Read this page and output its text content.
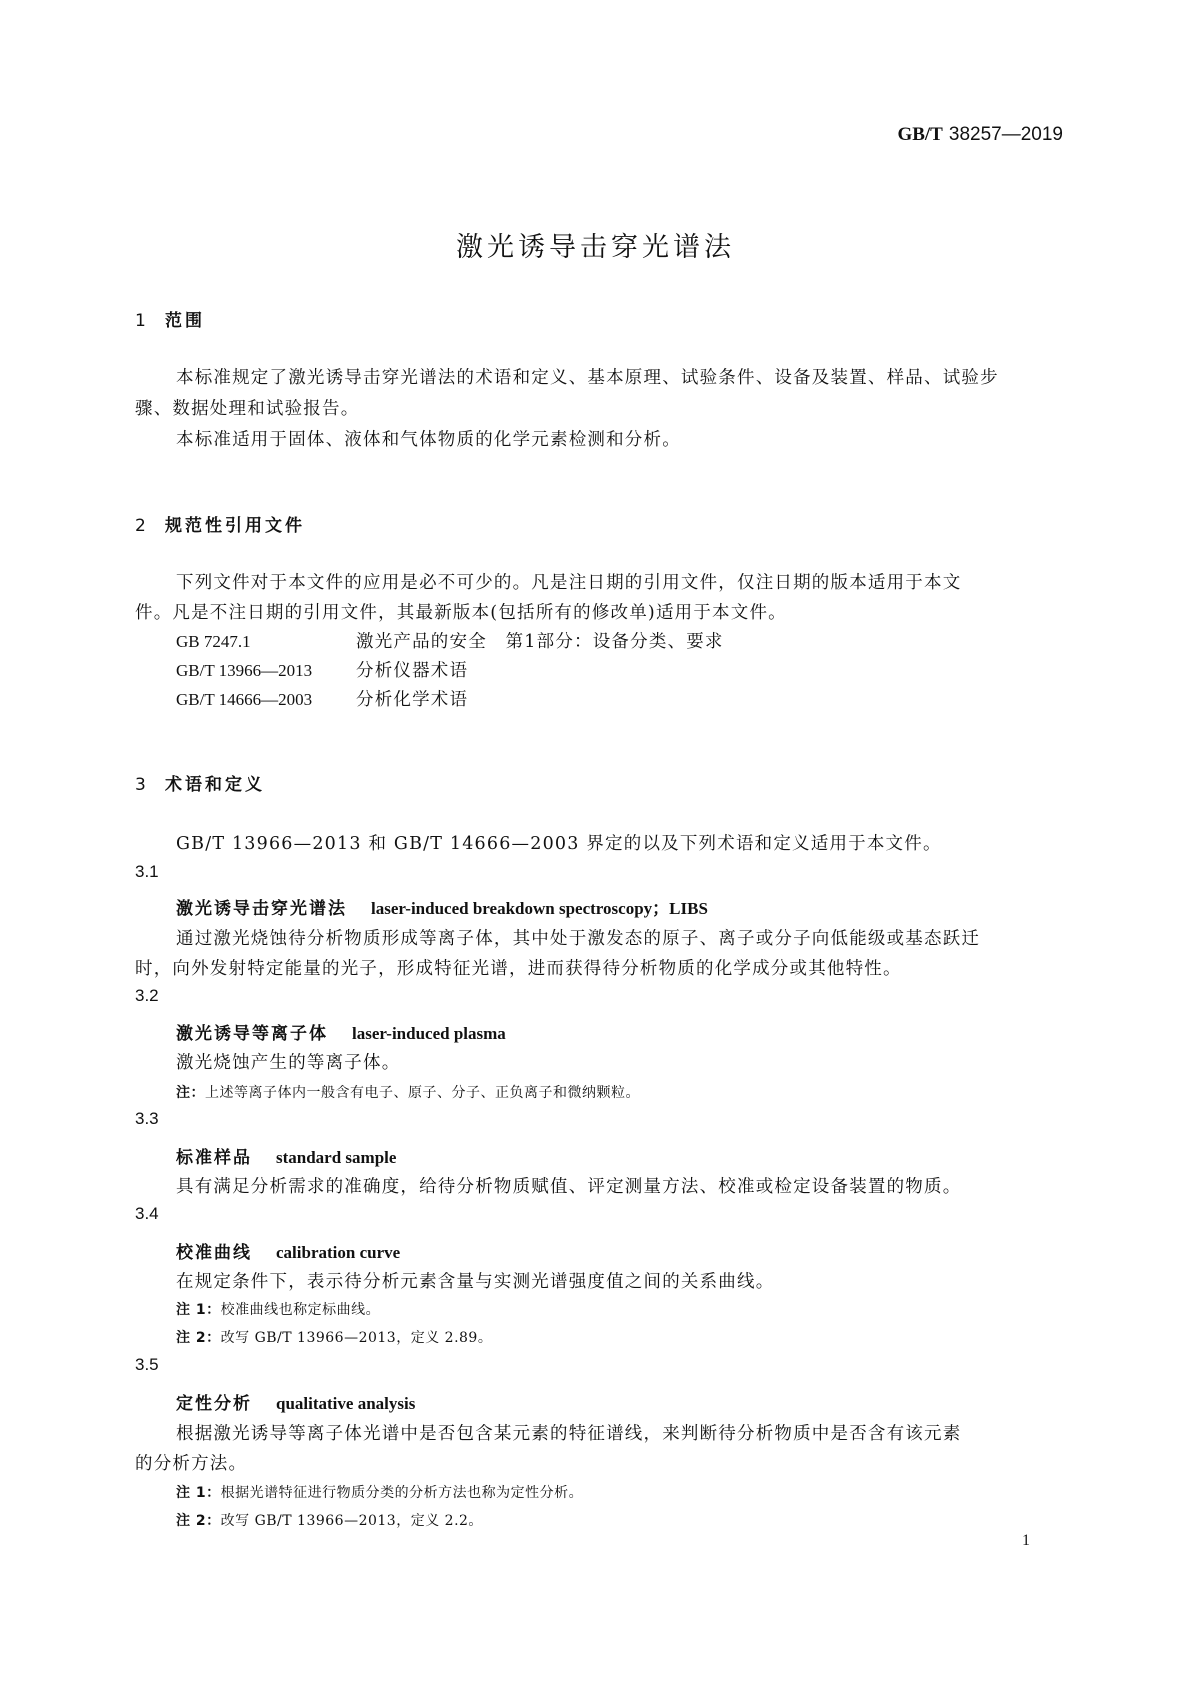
GB/T 38257—2019
激光诱导击穿光谱法
1 范围
本标准规定了激光诱导击穿光谱法的术语和定义、基本原理、试验条件、设备及装置、样品、试验步
骤、数据处理和试验报告。
本标准适用于固体、液体和气体物质的化学元素检测和分析。
2 规范性引用文件
下列文件对于本文件的应用是必不可少的。凡是注日期的引用文件，仅注日期的版本适用于本文
件。凡是不注日期的引用文件，其最新版本(包括所有的修改单)适用于本文件。
GB 7247.1	激光产品的安全　第1部分：设备分类、要求
GB/T 13966—2013	分析仪器术语
GB/T 14666—2003	分析化学术语
3 术语和定义
GB/T 13966—2013 和 GB/T 14666—2003 界定的以及下列术语和定义适用于本文件。
3.1
激光诱导击穿光谱法 laser-induced breakdown spectroscopy；LIBS
通过激光烧蚀待分析物质形成等离子体，其中处于激发态的原子、离子或分子向低能级或基态跃迁
时，向外发射特定能量的光子，形成特征光谱，进而获得待分析物质的化学成分或其他特性。
3.2
激光诱导等离子体 laser-induced plasma
激光烧蚀产生的等离子体。
注：上述等离子体内一般含有电子、原子、分子、正负离子和微纳颗粒。
3.3
标准样品 standard sample
具有满足分析需求的准确度，给待分析物质赋值、评定测量方法、校准或检定设备装置的物质。
3.4
校准曲线 calibration curve
在规定条件下，表示待分析元素含量与实测光谱强度值之间的关系曲线。
注 1：校准曲线也称定标曲线。
注 2：改写 GB/T 13966—2013，定义 2.89。
3.5
定性分析 qualitative analysis
根据激光诱导等离子体光谱中是否包含某元素的特征谱线，来判断待分析物质中是否含有该元素
的分析方法。
注 1：根据光谱特征进行物质分类的分析方法也称为定性分析。
注 2：改写 GB/T 13966—2013，定义 2.2。
1
